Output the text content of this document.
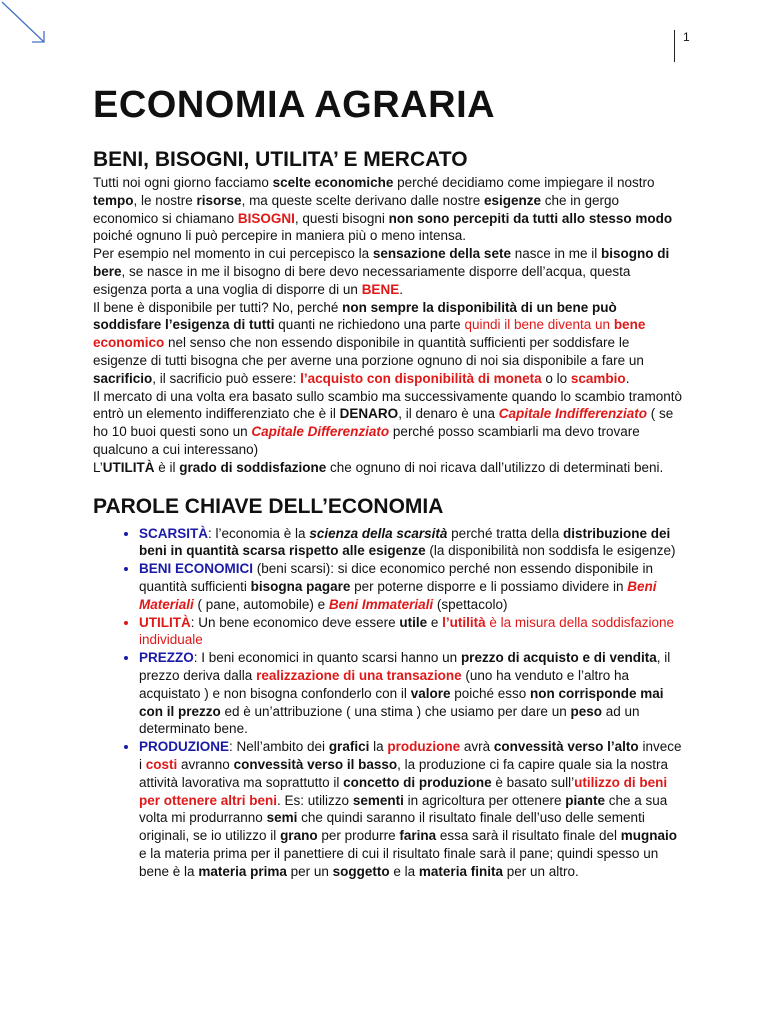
1
ECONOMIA AGRARIA
BENI, BISOGNI, UTILITA’ E MERCATO

Tutti noi ogni giorno facciamo scelte economiche perché decidiamo come impiegare il nostro tempo, le nostre risorse, ma queste scelte derivano dalle nostre esigenze che in gergo economico si chiamano BISOGNI, questi bisogni non sono percepiti da tutti allo stesso modo poiché ognuno li può percepire in maniera più o meno intensa.

Per esempio nel momento in cui percepisco la sensazione della sete nasce in me il bisogno di bere, se nasce in me il bisogno di bere devo necessariamente disporre dell’acqua, questa esigenza porta a una voglia di disporre di un BENE.

Il bene è disponibile per tutti? No, perché non sempre la disponibilità di un bene può soddisfare l’esigenza di tutti quanti ne richiedono una parte quindi il bene diventa un bene economico nel senso che non essendo disponibile in quantità sufficienti per soddisfare le esigenze di tutti bisogna che per averne una porzione ognuno di noi sia disponibile a fare un sacrificio, il sacrificio può essere: l’acquisto con disponibilità di moneta o lo scambio.

Il mercato di una volta era basato sullo scambio ma successivamente quando lo scambio tramontò entrò un elemento indifferenziato che è il DENARO, il denaro è una Capitale Indifferenziato ( se ho 10 buoi questi sono un Capitale Differenziato perché posso scambiarli ma devo trovare qualcuno a cui interessano)

L’UTILITÀ è il grado di soddisfazione che ognuno di noi ricava dall’utilizzo di determinati beni.

PAROLE CHIAVE DELL’ECONOMIA
• SCARSITÀ: l’economia è la scienza della scarsità perché tratta della distribuzione dei beni in quantità scarsa rispetto alle esigenze (la disponibilità non soddisfa le esigenze)
• BENI ECONOMICI (beni scarsi): si dice economico perché non essendo disponibile in quantità sufficienti bisogna pagare per poterne disporre e li possiamo dividere in Beni Materiali ( pane, automobile) e Beni Immateriali (spettacolo)
• UTILITÀ: Un bene economico deve essere utile e l’utilità è la misura della soddisfazione individuale
• PREZZO: I beni economici in quanto scarsi hanno un prezzo di acquisto e di vendita, il prezzo deriva dalla realizzazione di una transazione (uno ha venduto e l’altro ha acquistato ) e non bisogna confonderlo con il valore poiché esso non corrisponde mai con il prezzo ed è un’attribuzione ( una stima ) che usiamo per dare un peso ad un determinato bene.
• PRODUZIONE: Nell’ambito dei grafici la produzione avrà convessità verso l’alto invece i costi avranno convessità verso il basso, la produzione ci fa capire quale sia la nostra attività lavorativa ma soprattutto il concetto di produzione è basato sull’utilizzo di beni per ottenere altri beni. Es: utilizzo sementi in agricoltura per ottenere piante che a sua volta mi produrranno semi che quindi saranno il risultato finale dell’uso delle sementi originali, se io utilizzo il grano per produrre farina essa sarà il risultato finale del mugnaio e la materia prima per il panettiere di cui il risultato finale sarà il pane; quindi spesso un bene è la materia prima per un soggetto e la materia finita per un altro.
